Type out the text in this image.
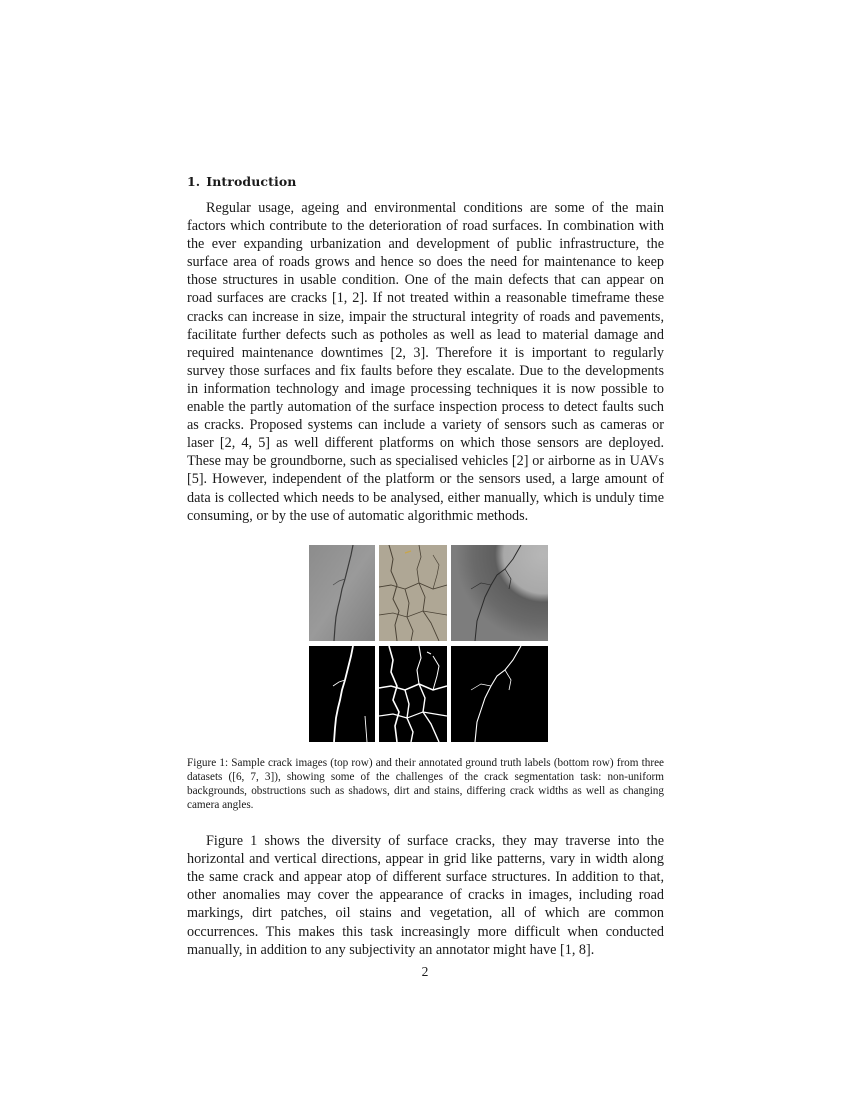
1. Introduction

Regular usage, ageing and environmental conditions are some of the main factors which contribute to the deterioration of road surfaces. In combination with the ever expanding urbanization and development of public infrastructure, the surface area of roads grows and hence so does the need for maintenance to keep those structures in usable condition. One of the main defects that can appear on road surfaces are cracks [1, 2]. If not treated within a reasonable timeframe these cracks can increase in size, impair the structural integrity of roads and pavements, facilitate further defects such as potholes as well as lead to material damage and required maintenance downtimes [2, 3]. Therefore it is important to regularly survey those surfaces and fix faults before they escalate. Due to the developments in information technology and image processing techniques it is now possible to enable the partly automation of the surface inspection process to detect faults such as cracks. Proposed systems can include a variety of sensors such as cameras or laser [2, 4, 5] as well different platforms on which those sensors are deployed. These may be groundborne, such as specialised vehicles [2] or airborne as in UAVs [5]. However, independent of the platform or the sensors used, a large amount of data is collected which needs to be analysed, either manually, which is unduly time consuming, or by the use of automatic algorithmic methods.

Figure 1: Sample crack images (top row) and their annotated ground truth labels (bottom row) from three datasets ([6, 7, 3]), showing some of the challenges of the crack segmentation task: non-uniform backgrounds, obstructions such as shadows, dirt and stains, differing crack widths as well as changing camera angles.

Figure 1 shows the diversity of surface cracks, they may traverse into the horizontal and vertical directions, appear in grid like patterns, vary in width along the same crack and appear atop of different surface structures. In addition to that, other anomalies may cover the appearance of cracks in images, including road markings, dirt patches, oil stains and vegetation, all of which are common occurrences. This makes this task increasingly more difficult when conducted manually, in addition to any subjectivity an annotator might have [1, 8].

2
